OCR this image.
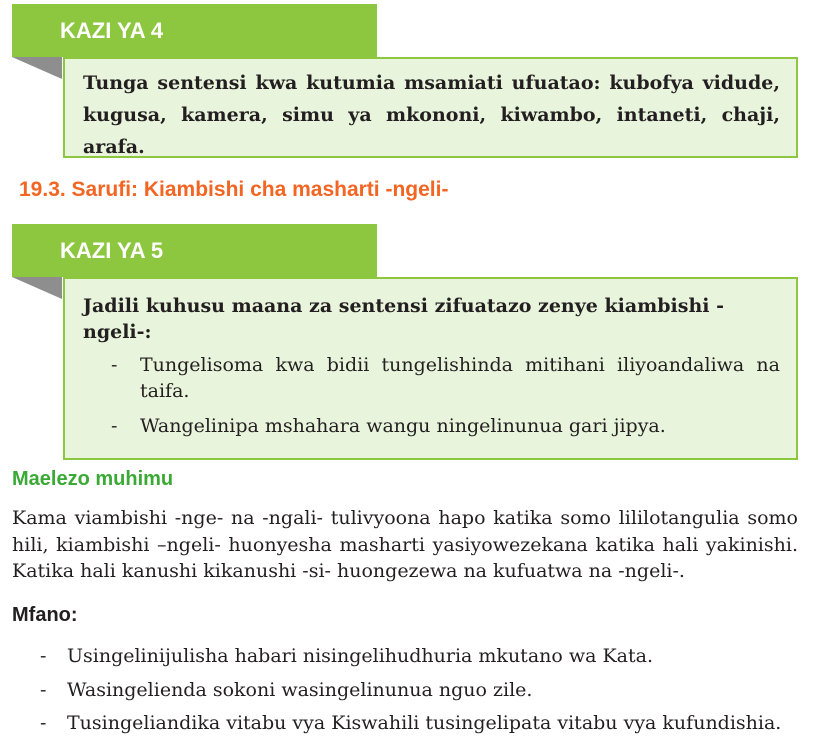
KAZI YA 4

Tunga sentensi kwa kutumia msamiati ufuatao: kubofya vidude,

kugusa, kamera, simu ya mkononi, kiwambo, intaneti, chaji, arafa.

19.3. Sarufi: Kiambishi cha masharti -ngeli-
KAZI YA 5

Jadili kuhusu maana za sentensi zifuatazo zenye kiambishi -ngeli-:

- Tungelisoma kwa bidii tungelishinda mitihani iliyoandaliwa na taifa.
- Wangelinipa mshahara wangu ningelinunua gari jipya.
Maelezo muhimu

Kama viambishi -nge- na -ngali- tulivyoona hapo katika somo lililotangulia somo hili, kiambishi –ngeli- huonyesha masharti yasiyowezekana katika hali yakinishi. Katika hali kanushi kikanushi -si- huongezewa na kufuatwa na -ngeli-.

Mfano:

- Usingelinijulisha habari nisingelihudhuria mkutano wa Kata.
- Wasingelienda sokoni wasingelinunua nguo zile.
- Tusingeliandika vitabu vya Kiswahili tusingelipata vitabu vya kufundishia.
